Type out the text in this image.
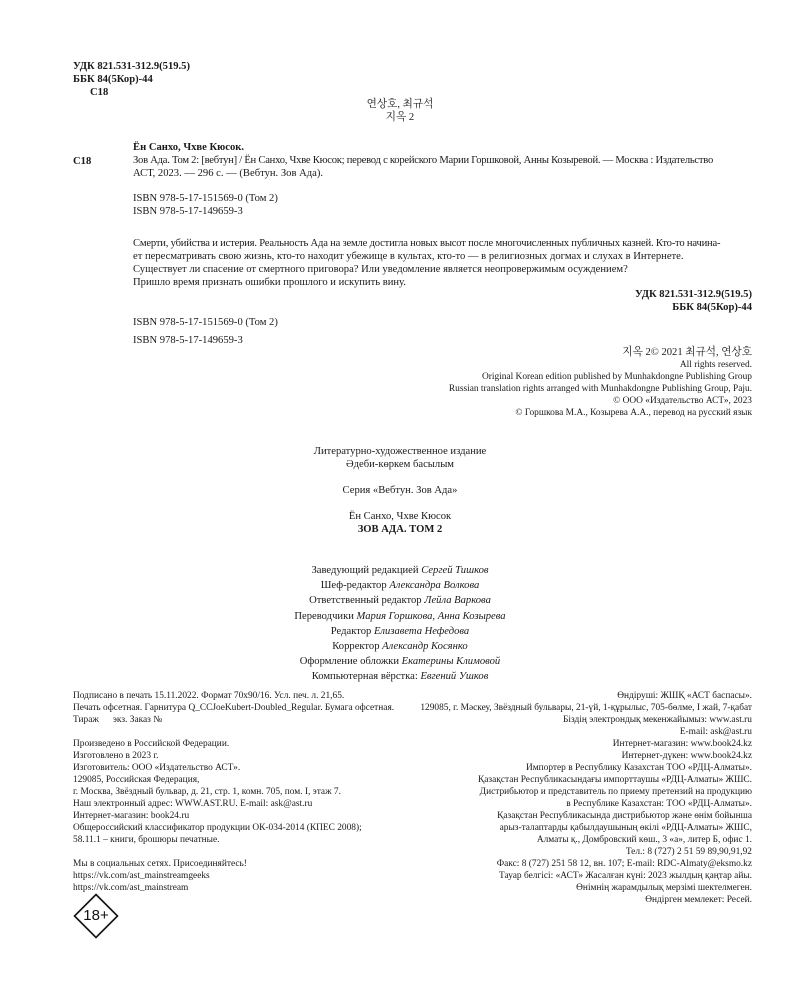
УДК 821.531-312.9(519.5)
ББК 84(5Кор)-44
С18
연상호, 최규석
지옥 2
С18
Ён Санхо, Чхве Кюсок.
Зов Ада. Том 2: [вебтун] / Ён Санхо, Чхве Кюсок; перевод с корейского Марии Горшковой, Анны Козыревой. — Москва : Издательство
АСТ, 2023. — 296 с. — (Вебтун. Зов Ада).
ISBN 978-5-17-151569-0 (Том 2)
ISBN 978-5-17-149659-3
Смерти, убийства и истерия. Реальность Ада на земле достигла новых высот после многочисленных публичных казней. Кто-то начина-
ет пересматривать свою жизнь, кто-то находит убежище в культах, кто-то — в религиозных догмах и слухах в Интернете.
Существует ли спасение от смертного приговора? Или уведомление является неопровержимым осуждением?
Пришло время признать ошибки прошлого и искупить вину.
УДК 821.531-312.9(519.5)
ББК 84(5Кор)-44
ISBN 978-5-17-151569-0 (Том 2)
ISBN 978-5-17-149659-3
지옥 2© 2021 최규석, 연상호
All rights reserved.
Original Korean edition published by Munhakdongne Publishing Group
Russian translation rights arranged with Munhakdongne Publishing Group, Paju.
© ООО «Издательство АСТ», 2023
© Горшкова М.А., Козырева А.А., перевод на русский язык
Литературно-художественное издание
Әдеби-көркем басылым
Серия «Вебтун. Зов Ада»
Ён Санхо, Чхве Кюсок
ЗОВ АДА. ТОМ 2
Заведующий редакцией Сергей Тишков
Шеф-редактор Александра Волкова
Ответственный редактор Лейла Варкова
Переводчики Мария Горшкова, Анна Козырева
Редактор Елизавета Нефедова
Корректор Александр Косянко
Оформление обложки Екатерины Климовой
Компьютерная вёрстка: Евгений Ушков
Подписано в печать 15.11.2022. Формат 70х90/16. Усл. печ. л. 21,65.
Печать офсетная. Гарнитура Q_CCJoeKubert-Doubled_Regular. Бумага офсетная.
Тираж      экз. Заказ №
Произведено в Российской Федерации.
Изготовлено в 2023 г.
Изготовитель: ООО «Издательство АСТ».
129085, Российская Федерация,
г. Москва, Звёздный бульвар, д. 21, стр. 1, комн. 705, пом. I, этаж 7.
Наш электронный адрес: WWW.AST.RU. E-mail: ask@ast.ru
Интернет-магазин: book24.ru
Общероссийский классификатор продукции ОК-034-2014 (КПЕС 2008);
58.11.1 – книги, брошюры печатные.
Мы в социальных сетях. Присоединяйтесь!
https://vk.com/ast_mainstreamgeeks
https://vk.com/ast_mainstream
Өндіруші: ЖШҚ «АСТ баспасы».
129085, г. Мәскеу, Звёздный бульвары, 21-үй, 1-құрылыс, 705-бөлме, I жай, 7-қабат
Біздің электрондық мекенжайымыз: www.ast.ru
E-mail: ask@ast.ru
Интернет-магазин: www.book24.kz
Интернет-дүкен: www.book24.kz
Импортер в Республику Казахстан ТОО «РДЦ-Алматы».
Қазақстан Республикасындағы импорттаушы «РДЦ-Алматы» ЖШС.
Дистрибьютор и представитель по приему претензий на продукцию
в Республике Казахстан: ТОО «РДЦ-Алматы».
Қазақстан Республикасында дистрибьютор және өнім бойынша
арыз-талаптарды қабылдаушының өкілі «РДЦ-Алматы» ЖШС,
Алматы қ., Домбровский көш., 3 «а», литер Б, офис 1.
Тел.: 8 (727) 2 51 59 89,90,91,92
Факс: 8 (727) 251 58 12, вн. 107; E-mail: RDC-Almaty@eksmo.kz
Тауар белгісі: «АСТ» Жасалған күні: 2023 жылдың қаңтар айы.
Өнімнің жарамдылық мерзімі шектелмеген.
Өндірген мемлекет: Ресей.
18+
